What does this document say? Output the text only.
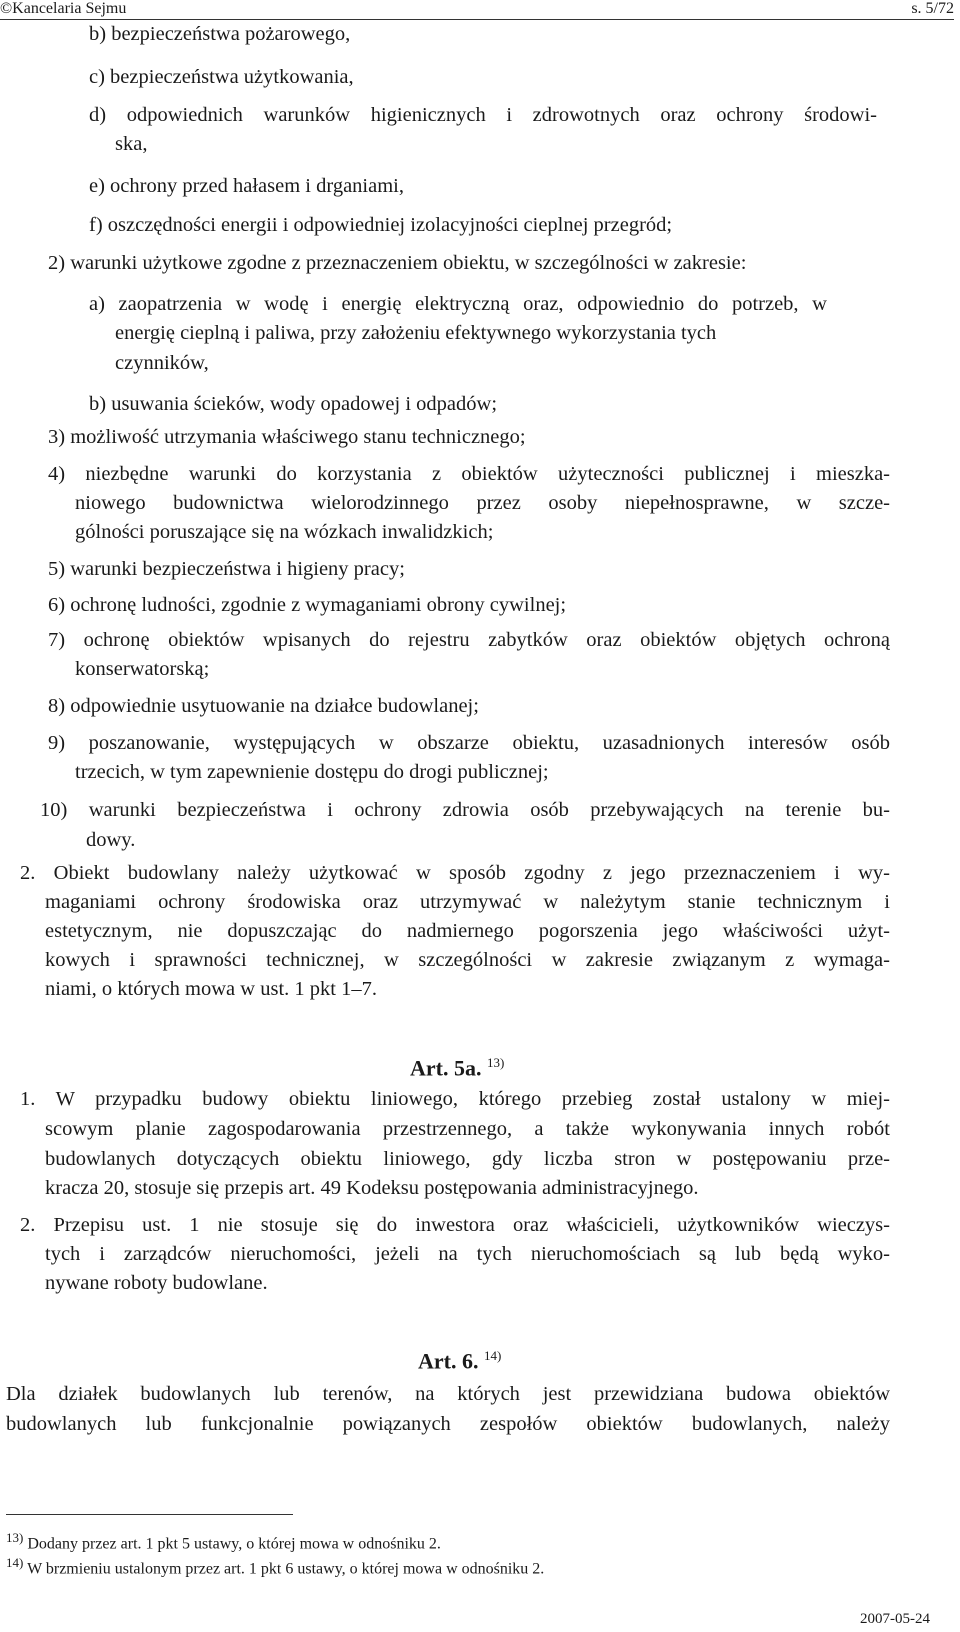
©Kancelaria Sejmu	s. 5/72
b) bezpieczeństwa pożarowego,
c) bezpieczeństwa użytkowania,
d) odpowiednich warunków higienicznych i zdrowotnych oraz ochrony środowi-
ska,
e) ochrony przed hałasem i drganiami,
f) oszczędności energii i odpowiedniej izolacyjności cieplnej przegród;
2) warunki użytkowe zgodne z przeznaczeniem obiektu, w szczególności w zakresie:
a) zaopatrzenia w wodę i energię elektryczną oraz, odpowiednio do potrzeb, w
energię cieplną i paliwa, przy założeniu efektywnego wykorzystania tych
czynników,
b) usuwania ścieków, wody opadowej i odpadów;
3) możliwość utrzymania właściwego stanu technicznego;
4) niezbędne warunki do korzystania z obiektów użyteczności publicznej i mieszka-
niowego budownictwa wielorodzinnego przez osoby niepełnosprawne, w szcze-
gólności poruszające się na wózkach inwalidzkich;
5) warunki bezpieczeństwa i higieny pracy;
6) ochronę ludności, zgodnie z wymaganiami obrony cywilnej;
7) ochronę obiektów wpisanych do rejestru zabytków oraz obiektów objętych ochroną
konserwatorską;
8) odpowiednie usytuowanie na działce budowlanej;
9) poszanowanie, występujących w obszarze obiektu, uzasadnionych interesów osób
trzecich, w tym zapewnienie dostępu do drogi publicznej;
10) warunki bezpieczeństwa i ochrony zdrowia osób przebywających na terenie bu-
dowy.
2. Obiekt budowlany należy użytkować w sposób zgodny z jego przeznaczeniem i wy-
maganiami ochrony środowiska oraz utrzymywać w należytym stanie technicznym i
estetycznym, nie dopuszczając do nadmiernego pogorszenia jego właściwości użyt-
kowych i sprawności technicznej, w szczególności w zakresie związanym z wymaga-
niami, o których mowa w ust. 1 pkt 1–7.
Art. 5a. $^{13)}$
1. W przypadku budowy obiektu liniowego, którego przebieg został ustalony w miej-
scowym planie zagospodarowania przestrzennego, a także wykonywania innych robót
budowlanych dotyczących obiektu liniowego, gdy liczba stron w postępowaniu prze-
kracza 20, stosuje się przepis art. 49 Kodeksu postępowania administracyjnego.
2. Przepisu ust. 1 nie stosuje się do inwestora oraz właścicieli, użytkowników wieczys-
tych i zarządców nieruchomości, jeżeli na tych nieruchomościach są lub będą wyko-
nywane roboty budowlane.
Art. 6. $^{14)}$
Dla działek budowlanych lub terenów, na których jest przewidziana budowa obiektów
budowlanych lub funkcjonalnie powiązanych zespołów obiektów budowlanych, należy
$^{13)}$ Dodany przez art. 1 pkt 5 ustawy, o której mowa w odnośniku 2.
$^{14)}$ W brzmieniu ustalonym przez art. 1 pkt 6 ustawy, o której mowa w odnośniku 2.
2007-05-24
